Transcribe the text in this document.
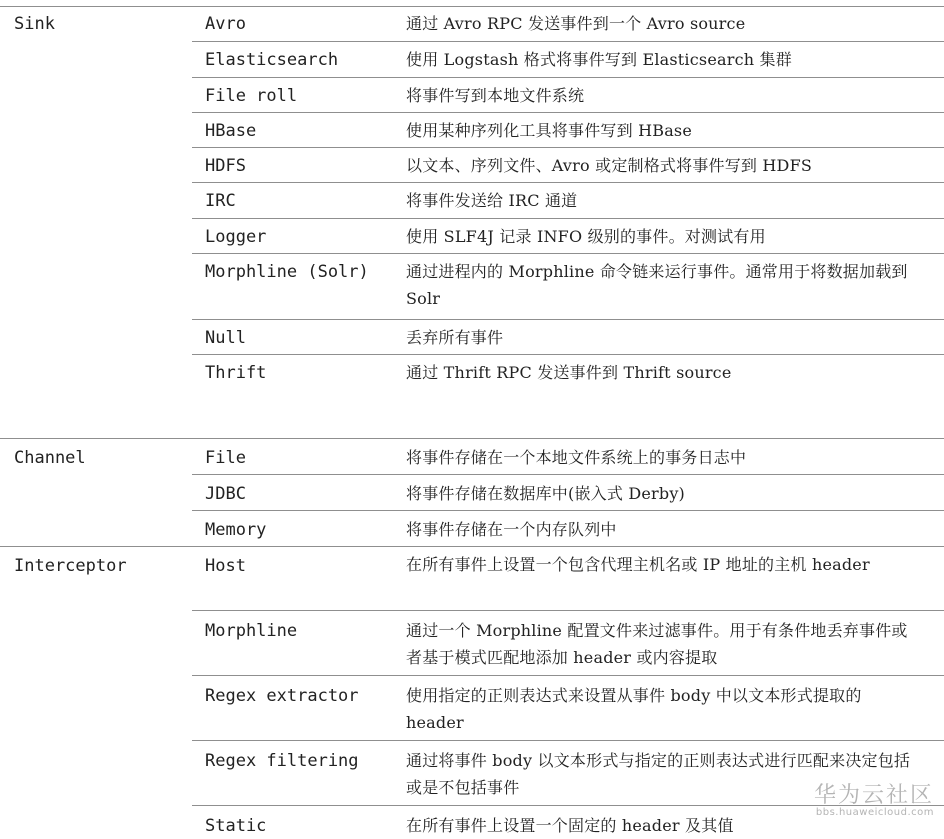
Sink	Avro	通过 Avro RPC 发送事件到一个 Avro source
Elasticsearch	使用 Logstash 格式将事件写到 Elasticsearch 集群
File roll	将事件写到本地文件系统
HBase	使用某种序列化工具将事件写到 HBase
HDFS	以文本、序列文件、Avro 或定制格式将事件写到 HDFS
IRC	将事件发送给 IRC 通道
Logger	使用 SLF4J 记录 INFO 级别的事件。对测试有用
Morphline (Solr) 通过进程内的 Morphline 命令链来运行事件。通常用于将数据加载到 Solr
Null	丢弃所有事件
Thrift	通过 Thrift RPC 发送事件到 Thrift source
Channel	File	将事件存储在一个本地文件系统上的事务日志中
JDBC	将事件存储在数据库中(嵌入式 Derby)
Memory	将事件存储在一个内存队列中
Interceptor	Host	在所有事件上设置一个包含代理主机名或 IP 地址的主机 header
Morphline	通过一个 Morphline 配置文件来过滤事件。用于有条件地丢弃事件或者基于模式匹配地添加 header 或内容提取
Regex extractor	使用指定的正则表达式来设置从事件 body 中以文本形式提取的 header
Regex filtering	通过将事件 body 以文本形式与指定的正则表达式进行匹配来决定包括或是不包括事件
Static	在所有事件上设置一个固定的 header 及其值
华为云社区
bbs.huaweicloud.com
